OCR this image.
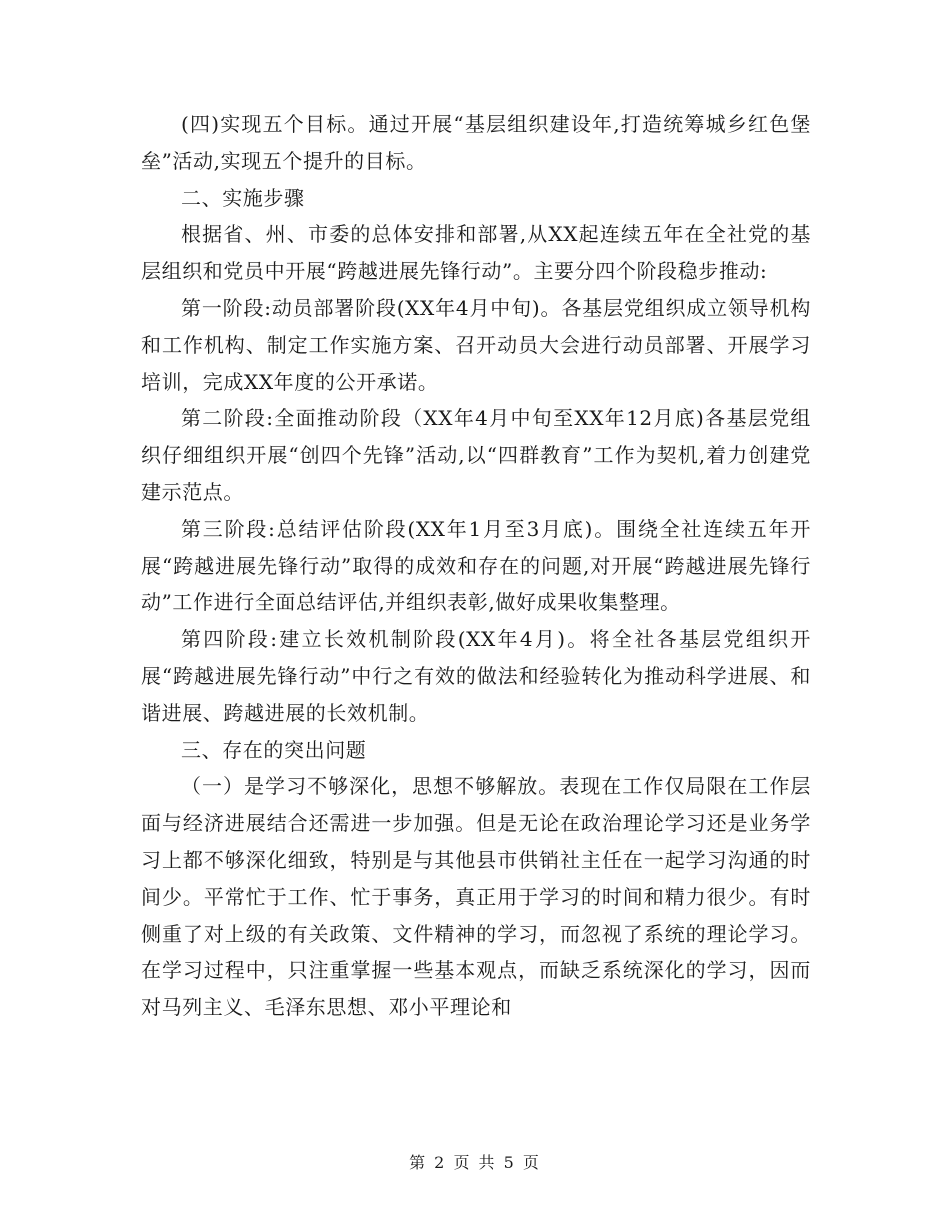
(四)实现五个目标。通过开展“基层组织建设年,打造统筹城乡红色堡垒”活动,实现五个提升的目标。

二、实施步骤

根据省、州、市委的总体安排和部署,从XX起连续五年在全社党的基层组织和党员中开展“跨越进展先锋行动”。主要分四个阶段稳步推动:

第一阶段:动员部署阶段(XX年4月中旬)。各基层党组织成立领导机构和工作机构、制定工作实施方案、召开动员大会进行动员部署、开展学习培训，完成XX年度的公开承诺。

第二阶段:全面推动阶段（XX年4月中旬至XX年12月底)各基层党组织仔细组织开展“创四个先锋”活动,以“四群教育”工作为契机,着力创建党建示范点。

第三阶段:总结评估阶段(XX年1月至3月底)。围绕全社连续五年开展“跨越进展先锋行动”取得的成效和存在的问题,对开展“跨越进展先锋行动”工作进行全面总结评估,并组织表彰,做好成果收集整理。

第四阶段:建立长效机制阶段(XX年4月)。将全社各基层党组织开展“跨越进展先锋行动”中行之有效的做法和经验转化为推动科学进展、和谐进展、跨越进展的长效机制。

三、存在的突出问题

（一）是学习不够深化，思想不够解放。表现在工作仅局限在工作层面与经济进展结合还需进一步加强。但是无论在政治理论学习还是业务学习上都不够深化细致，特别是与其他县市供销社主任在一起学习沟通的时间少。平常忙于工作、忙于事务，真正用于学习的时间和精力很少。有时侧重了对上级的有关政策、文件精神的学习，而忽视了系统的理论学习。在学习过程中，只注重掌握一些基本观点，而缺乏系统深化的学习，因而对马列主义、毛泽东思想、邓小平理论和

第 2 页 共 5 页
